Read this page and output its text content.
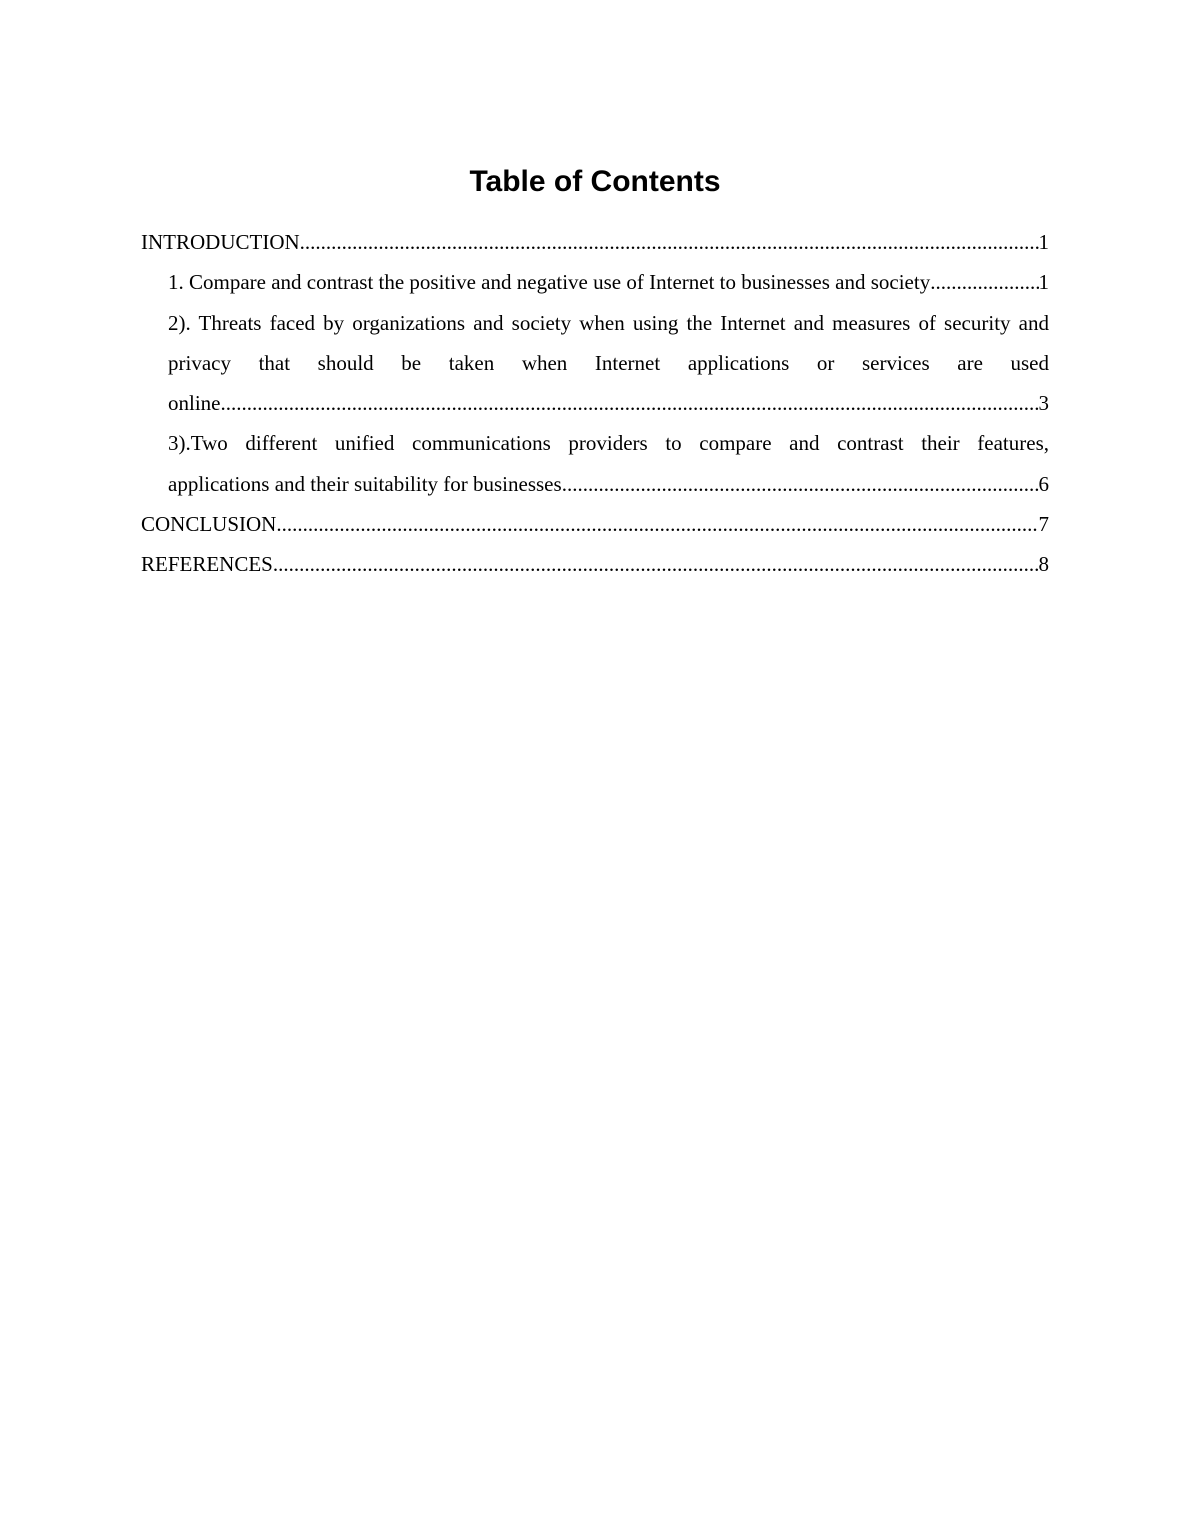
Table of Contents
INTRODUCTION .....	1
1. Compare and contrast the positive and negative use of Internet to businesses and society .....	1
2). Threats faced by organizations and society when using the Internet and measures of security and privacy that should be taken when Internet applications or services are used
online .....	3
3).Two different unified communications providers to compare and contrast their features,
applications and their suitability for businesses .....	6
CONCLUSION .....	7
REFERENCES .....	8
